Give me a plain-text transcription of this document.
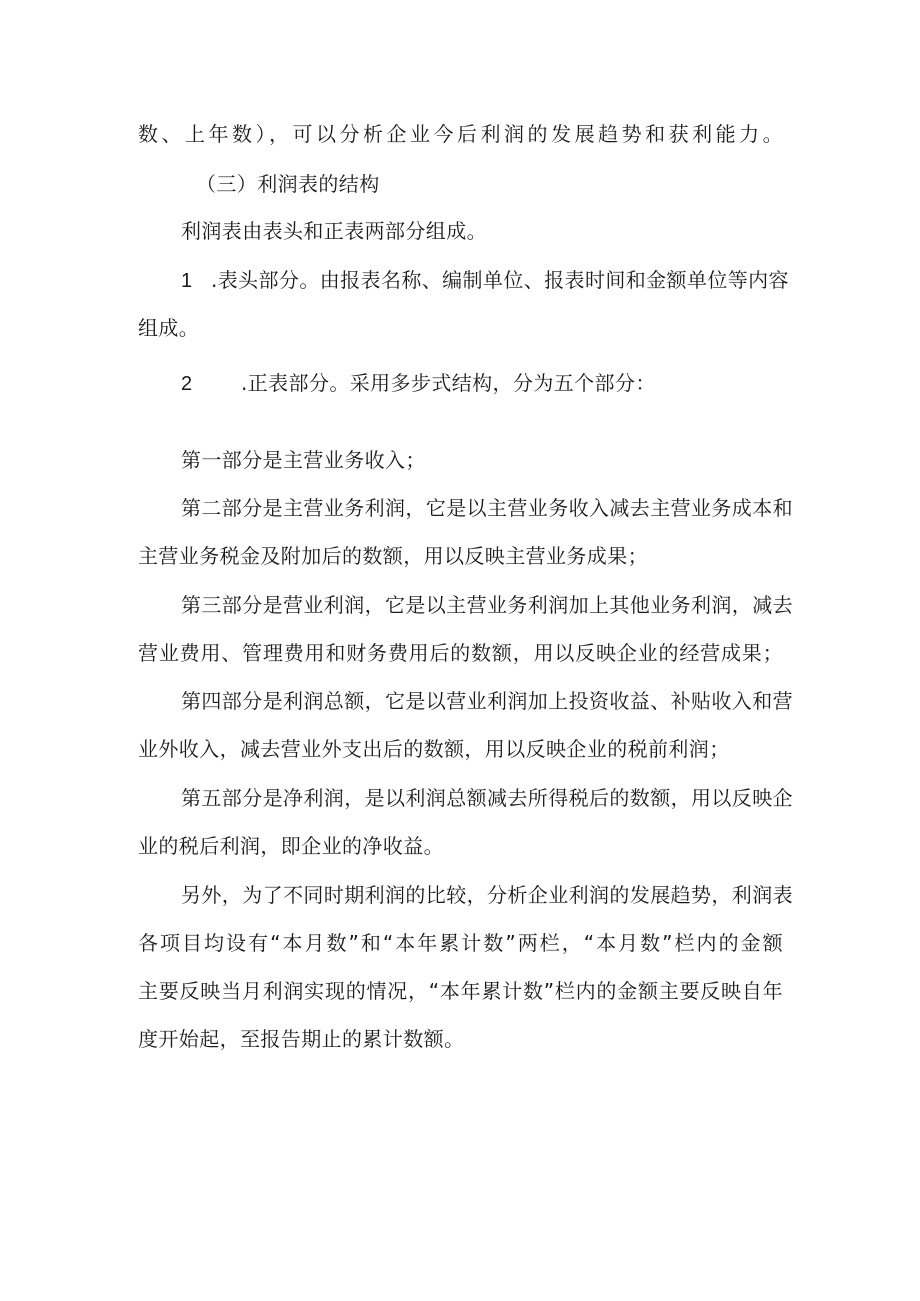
数、上年数），可以分析企业今后利润的发展趋势和获利能力。
（三）利润表的结构
利润表由表头和正表两部分组成。
1 .表头部分。由报表名称、编制单位、报表时间和金额单位等内容
组成。
2 .正表部分。采用多步式结构，分为五个部分：
第一部分是主营业务收入；
第二部分是主营业务利润，它是以主营业务收入减去主营业务成本和
主营业务税金及附加后的数额，用以反映主营业务成果；
第三部分是营业利润，它是以主营业务利润加上其他业务利润，减去
营业费用、管理费用和财务费用后的数额，用以反映企业的经营成果；
第四部分是利润总额，它是以营业利润加上投资收益、补贴收入和营
业外收入，减去营业外支出后的数额，用以反映企业的税前利润；
第五部分是净利润，是以利润总额减去所得税后的数额，用以反映企
业的税后利润，即企业的净收益。
另外，为了不同时期利润的比较，分析企业利润的发展趋势，利润表
各项目均设有“本月数”和“本年累计数”两栏，“本月数”栏内的金额
主要反映当月利润实现的情况，“本年累计数”栏内的金额主要反映自年
度开始起，至报告期止的累计数额。
